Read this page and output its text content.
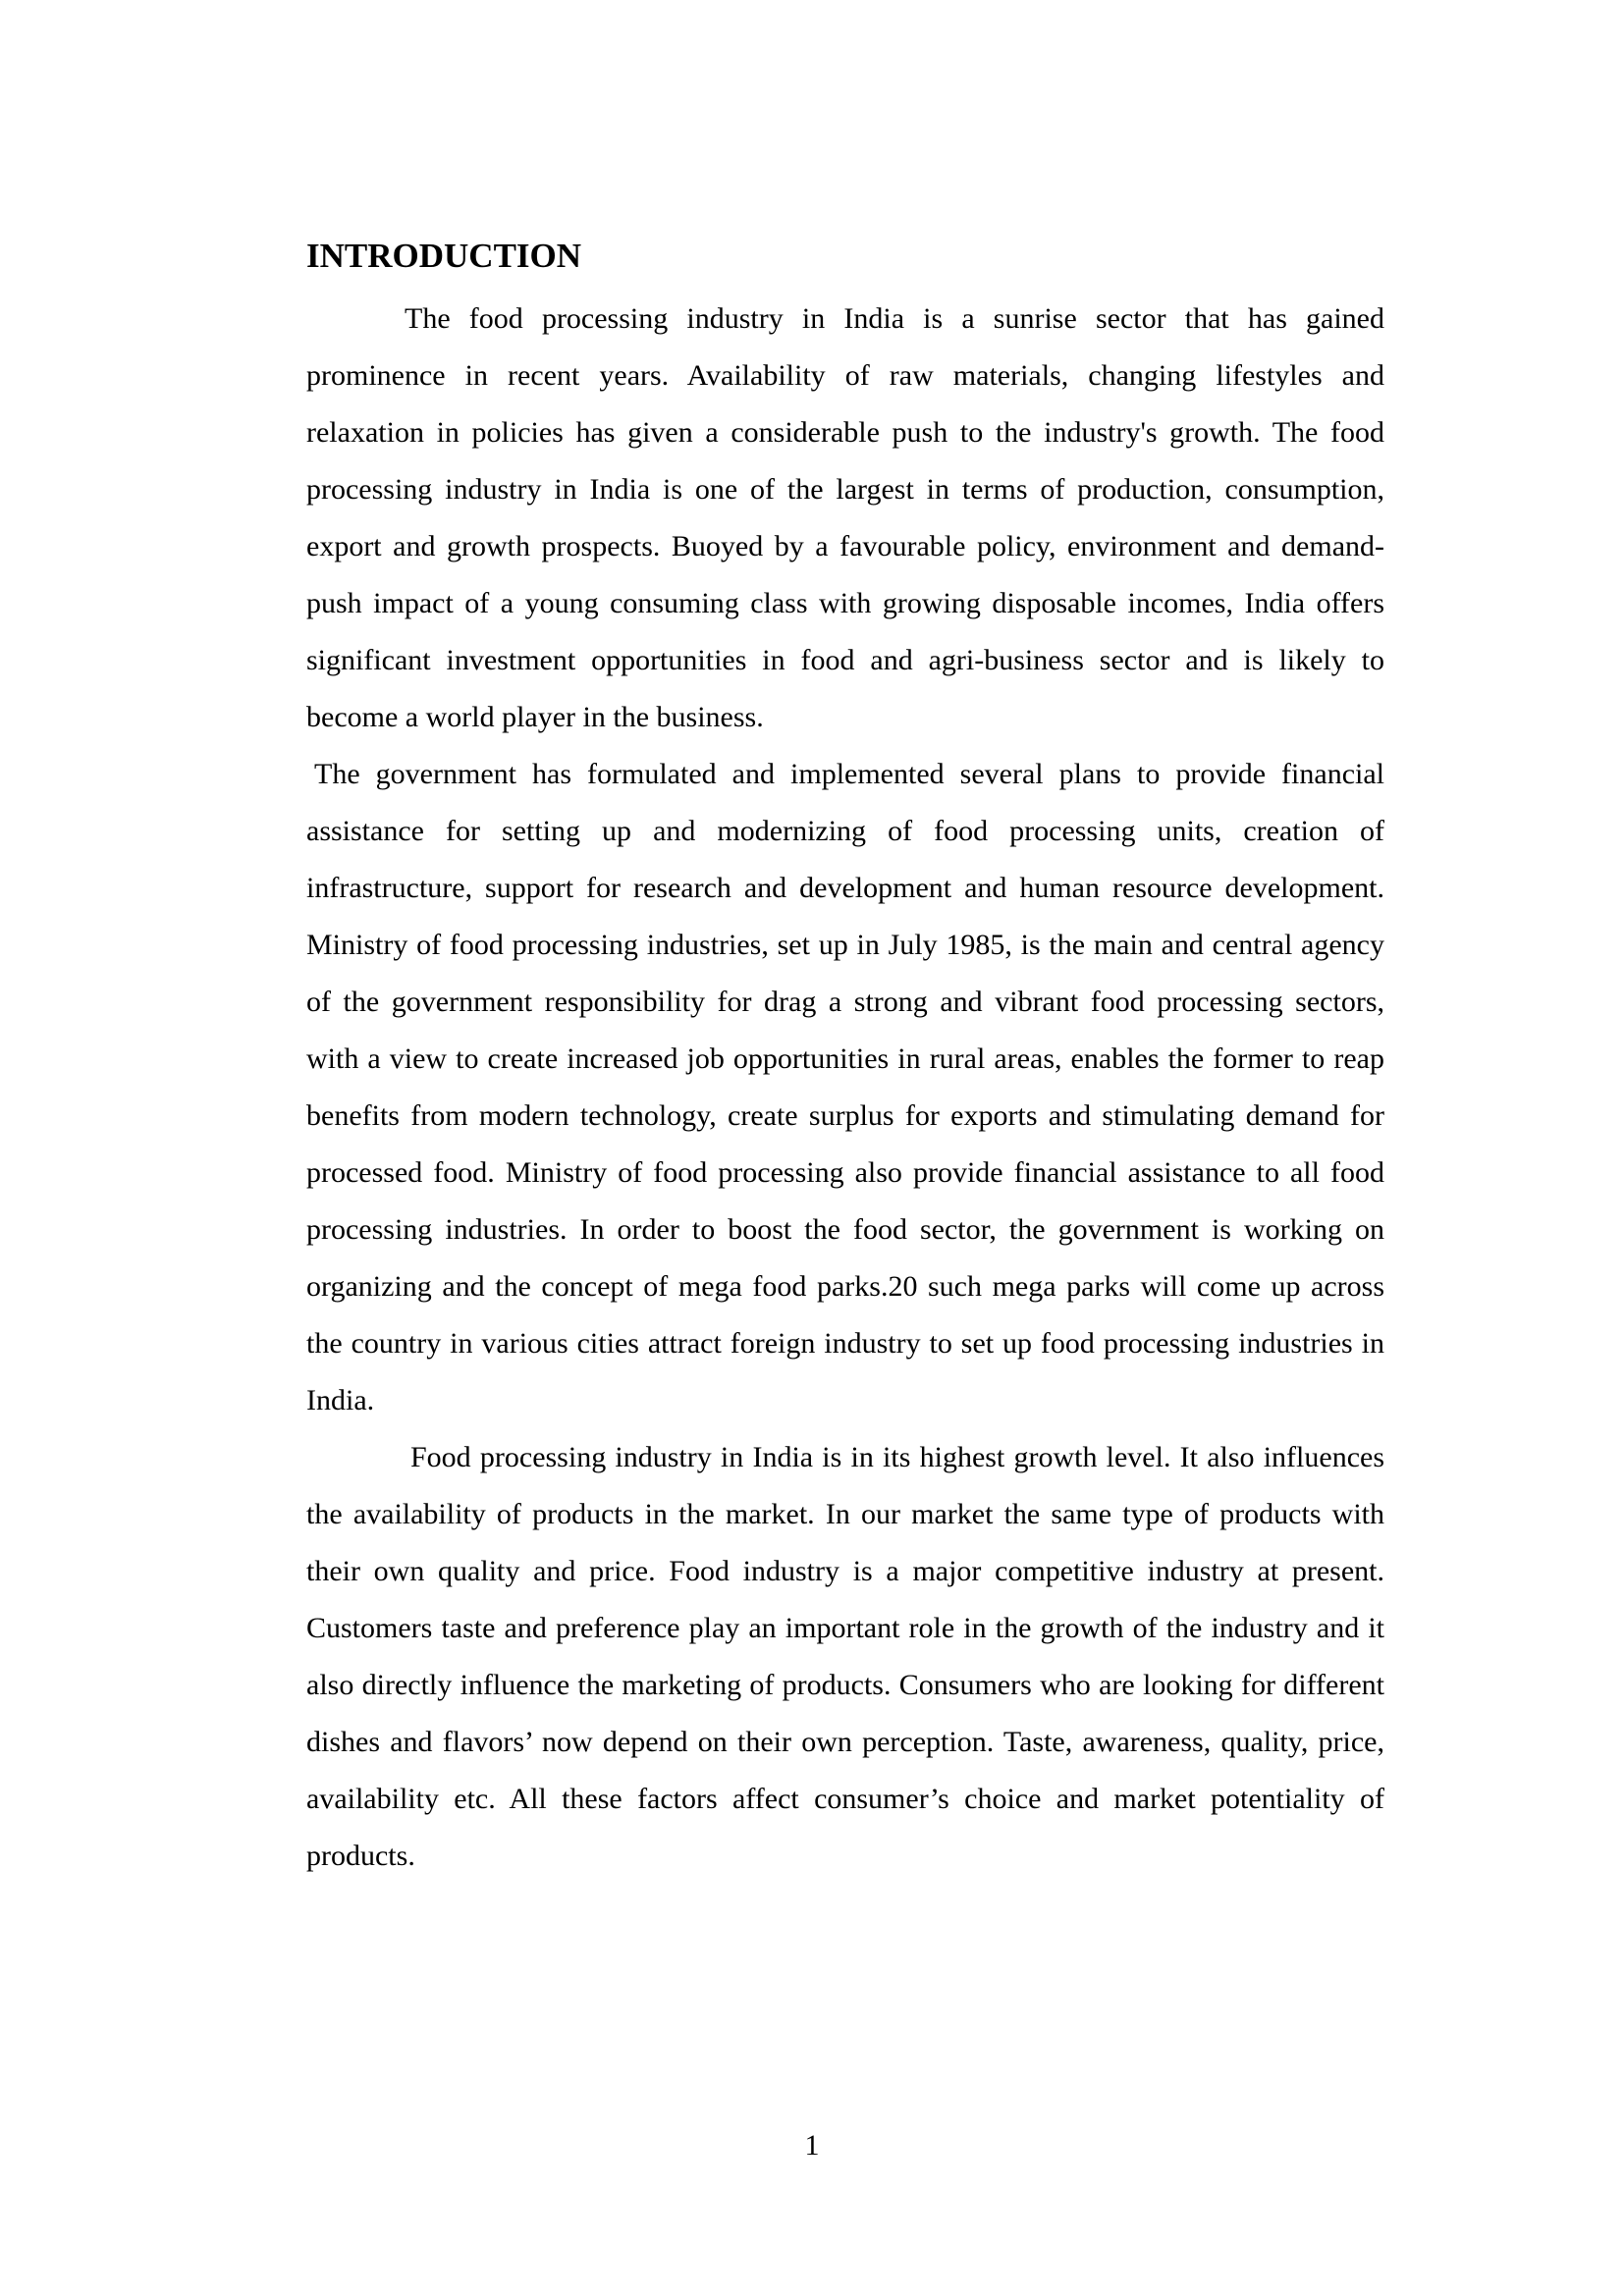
INTRODUCTION

The food processing industry in India is a sunrise sector that has gained prominence in recent years. Availability of raw materials, changing lifestyles and relaxation in policies has given a considerable push to the industry's growth. The food processing industry in India is one of the largest in terms of production, consumption, export and growth prospects. Buoyed by a favourable policy, environment and demand-push impact of a young consuming class with growing disposable incomes, India offers significant investment opportunities in food and agri-business sector and is likely to become a world player in the business.

The government has formulated and implemented several plans to provide financial assistance for setting up and modernizing of food processing units, creation of infrastructure, support for research and development and human resource development. Ministry of food processing industries, set up in July 1985, is the main and central agency of the government responsibility for drag a strong and vibrant food processing sectors, with a view to create increased job opportunities in rural areas, enables the former to reap benefits from modern technology, create surplus for exports and stimulating demand for processed food. Ministry of food processing also provide financial assistance to all food processing industries. In order to boost the food sector, the government is working on organizing and the concept of mega food parks.20 such mega parks will come up across the country in various cities attract foreign industry to set up food processing industries in India.

Food processing industry in India is in its highest growth level. It also influences the availability of products in the market. In our market the same type of products with their own quality and price. Food industry is a major competitive industry at present. Customers taste and preference play an important role in the growth of the industry and it also directly influence the marketing of products. Consumers who are looking for different dishes and flavors’ now depend on their own perception. Taste, awareness, quality, price, availability etc. All these factors affect consumer’s choice and market potentiality of products.

1
